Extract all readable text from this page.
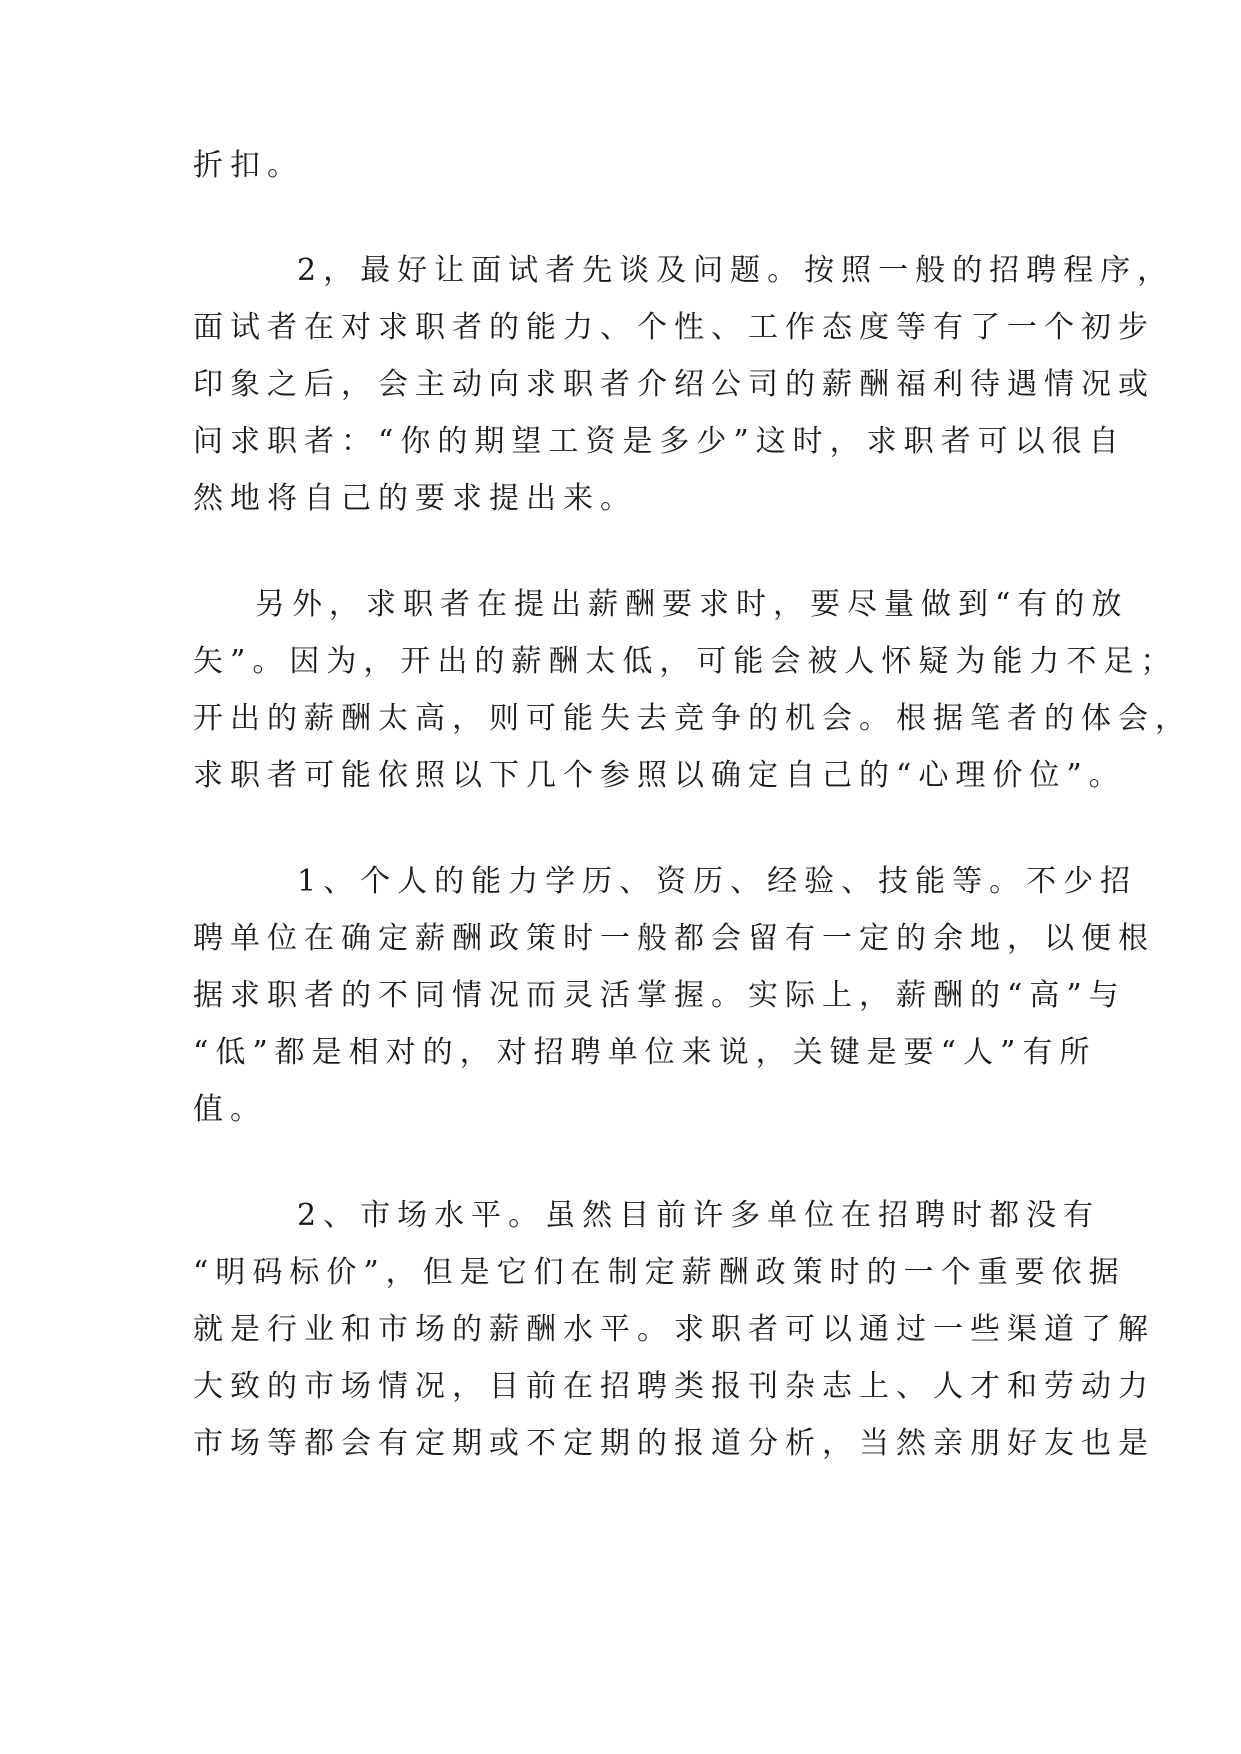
折扣。
2，最好让面试者先谈及问题。按照一般的招聘程序，
面试者在对求职者的能力、个性、工作态度等有了一个初步
印象之后，会主动向求职者介绍公司的薪酬福利待遇情况或
问求职者：“你的期望工资是多少”这时，求职者可以很自
然地将自己的要求提出来。
另外，求职者在提出薪酬要求时，要尽量做到“有的放
矢”。因为，开出的薪酬太低，可能会被人怀疑为能力不足；
开出的薪酬太高，则可能失去竞争的机会。根据笔者的体会，
求职者可能依照以下几个参照以确定自己的“心理价位”。
1、个人的能力学历、资历、经验、技能等。不少招
聘单位在确定薪酬政策时一般都会留有一定的余地，以便根
据求职者的不同情况而灵活掌握。实际上，薪酬的“高”与
“低”都是相对的，对招聘单位来说，关键是要“人”有所
值。
2、市场水平。虽然目前许多单位在招聘时都没有
“明码标价”，但是它们在制定薪酬政策时的一个重要依据
就是行业和市场的薪酬水平。求职者可以通过一些渠道了解
大致的市场情况，目前在招聘类报刊杂志上、人才和劳动力
市场等都会有定期或不定期的报道分析，当然亲朋好友也是
